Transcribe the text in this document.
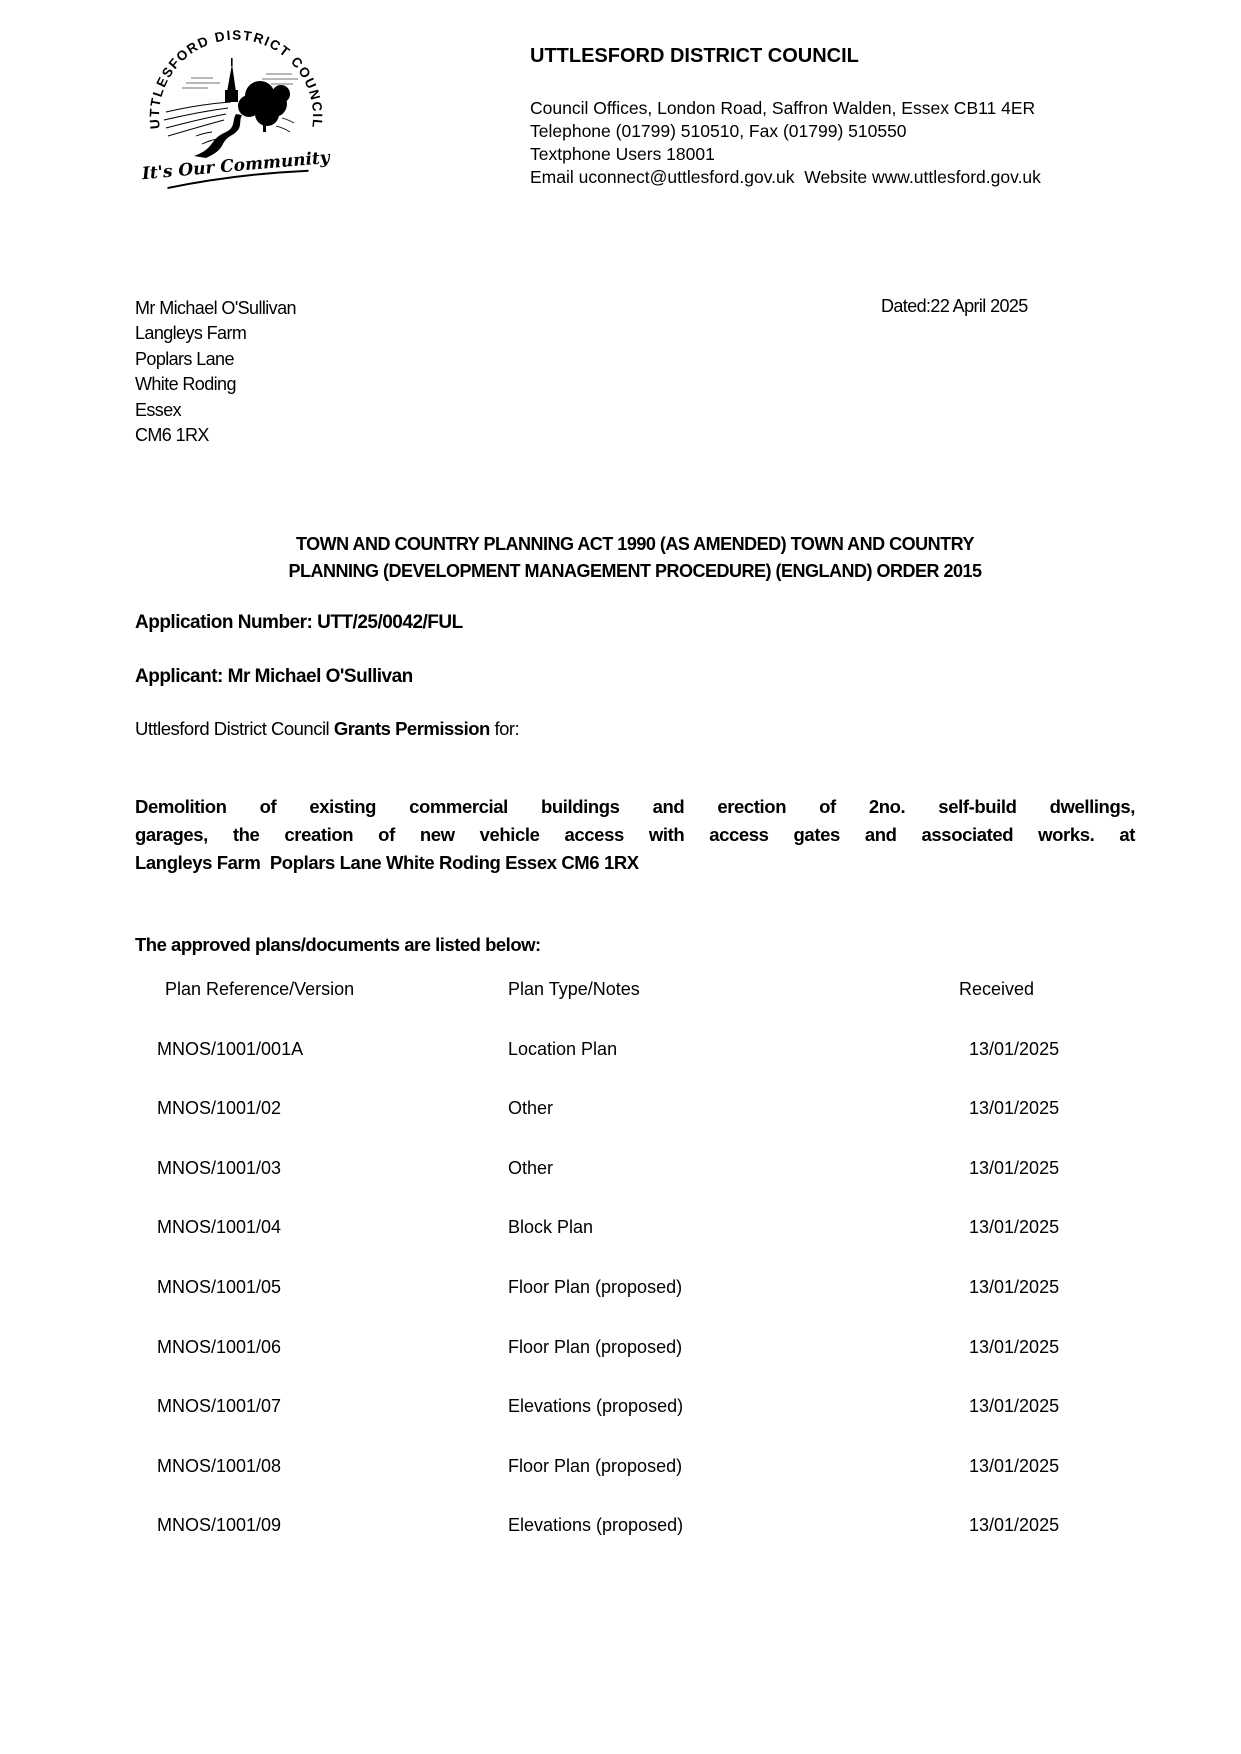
UTTLESFORD DISTRICT COUNCIL
It's Our Community
UTTLESFORD DISTRICT COUNCIL
Council Offices, London Road, Saffron Walden, Essex CB11 4ER
Telephone (01799) 510510, Fax (01799) 510550
Textphone Users 18001
Email uconnect@uttlesford.gov.uk  Website www.uttlesford.gov.uk
Mr Michael O'Sullivan
Langleys Farm
Poplars Lane
White Roding
Essex
CM6 1RX
Dated:22 April 2025
TOWN AND COUNTRY PLANNING ACT 1990 (AS AMENDED) TOWN AND COUNTRY
PLANNING (DEVELOPMENT MANAGEMENT PROCEDURE) (ENGLAND) ORDER 2015
Application Number: UTT/25/0042/FUL
Applicant: Mr Michael O'Sullivan
Uttlesford District Council Grants Permission for:
Demolition of existing commercial buildings and erection of 2no. self-build dwellings,
garages, the creation of new vehicle access with access gates and associated works. at
Langleys Farm  Poplars Lane White Roding Essex CM6 1RX
The approved plans/documents are listed below:
Plan Reference/Version	Plan Type/Notes	Received
MNOS/1001/001A	Location Plan	13/01/2025
MNOS/1001/02	Other	13/01/2025
MNOS/1001/03	Other	13/01/2025
MNOS/1001/04	Block Plan	13/01/2025
MNOS/1001/05	Floor Plan (proposed)	13/01/2025
MNOS/1001/06	Floor Plan (proposed)	13/01/2025
MNOS/1001/07	Elevations (proposed)	13/01/2025
MNOS/1001/08	Floor Plan (proposed)	13/01/2025
MNOS/1001/09	Elevations (proposed)	13/01/2025
